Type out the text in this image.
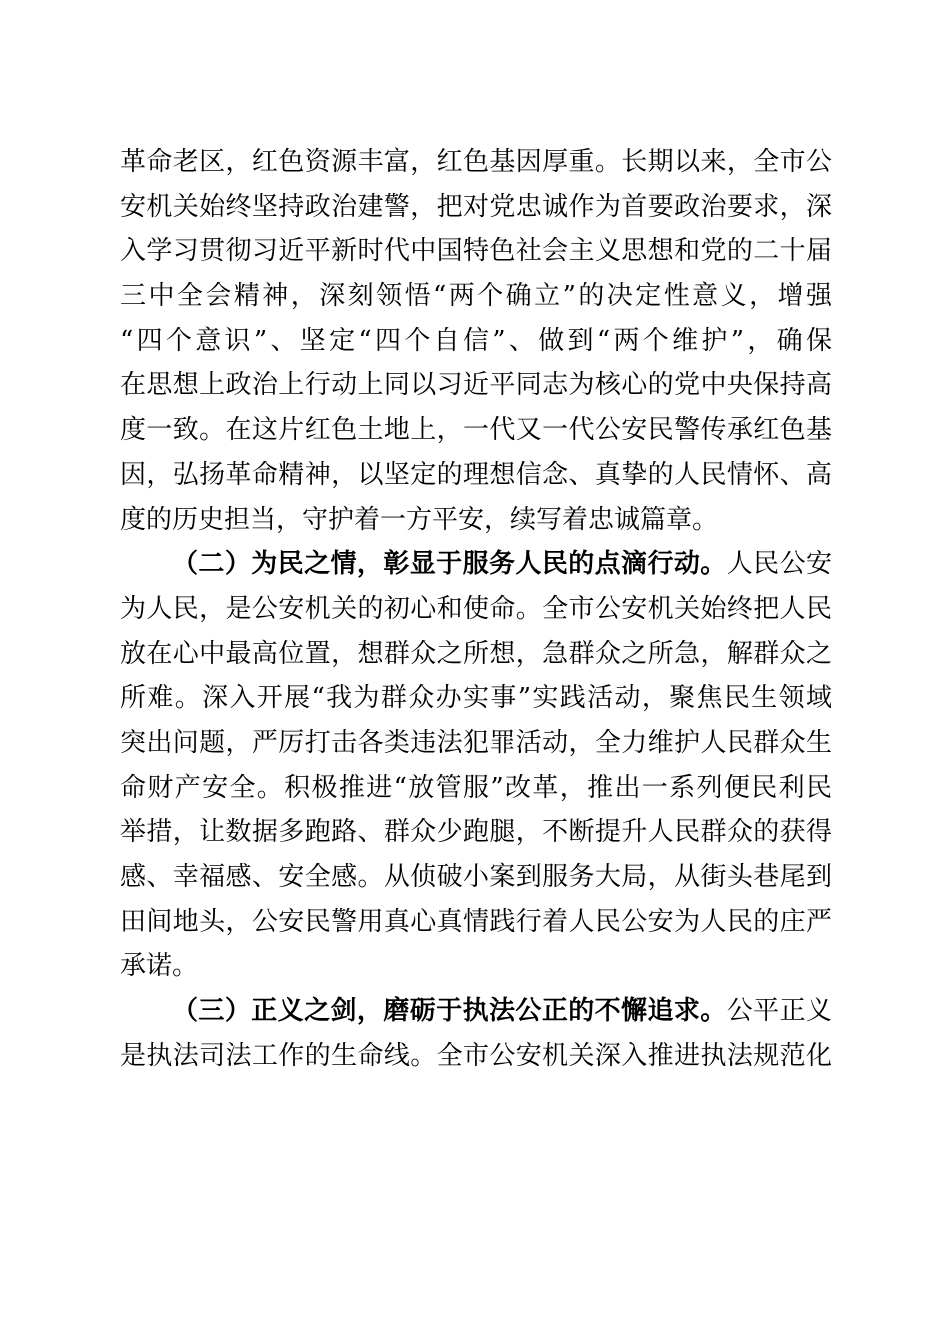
革命老区，红色资源丰富，红色基因厚重。长期以来，全市公
安机关始终坚持政治建警，把对党忠诚作为首要政治要求，深
入学习贯彻习近平新时代中国特色社会主义思想和党的二十届
三中全会精神，深刻领悟“两个确立”的决定性意义，增强
“四个意识”、坚定“四个自信”、做到“两个维护”，确保
在思想上政治上行动上同以习近平同志为核心的党中央保持高
度一致。在这片红色土地上，一代又一代公安民警传承红色基
因，弘扬革命精神，以坚定的理想信念、真挚的人民情怀、高
度的历史担当，守护着一方平安，续写着忠诚篇章。
（二）为民之情，彰显于服务人民的点滴行动。人民公安
为人民，是公安机关的初心和使命。全市公安机关始终把人民
放在心中最高位置，想群众之所想，急群众之所急，解群众之
所难。深入开展“我为群众办实事”实践活动，聚焦民生领域
突出问题，严厉打击各类违法犯罪活动，全力维护人民群众生
命财产安全。积极推进“放管服”改革，推出一系列便民利民
举措，让数据多跑路、群众少跑腿，不断提升人民群众的获得
感、幸福感、安全感。从侦破小案到服务大局，从街头巷尾到
田间地头，公安民警用真心真情践行着人民公安为人民的庄严
承诺。
（三）正义之剑，磨砺于执法公正的不懈追求。公平正义
是执法司法工作的生命线。全市公安机关深入推进执法规范化
